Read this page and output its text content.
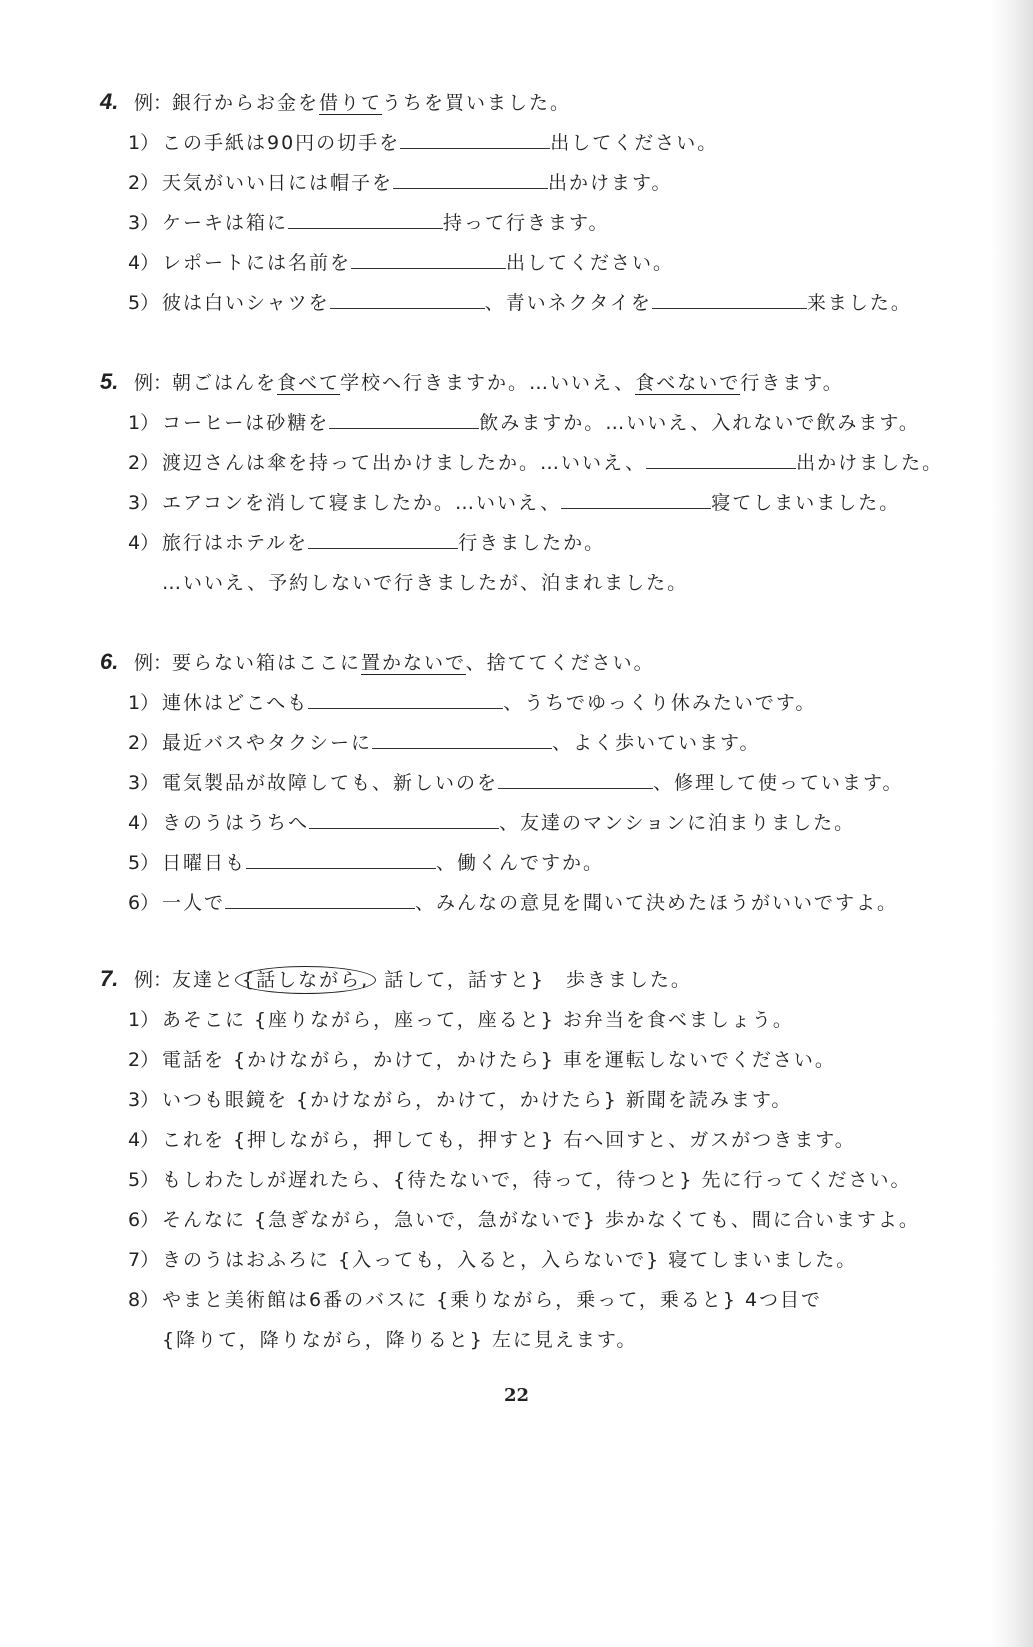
4. 例：銀行からお金を借りてうちを買いました。
1） この手紙は90円の切手を	出してください。
2） 天気がいい日には帽子を	出かけます。
3） ケーキは箱に	持って行きます。
4） レポートには名前を	出してください。
5） 彼は白いシャツを	、青いネクタイを	来ました。
5. 例：朝ごはんを食べて学校へ行きますか。…いいえ、食べないで行きます。
1） コーヒーは砂糖を	飲みますか。…いいえ、入れないで飲みます。
2） 渡辺さんは傘を持って出かけましたか。…いいえ、	出かけました。
3） エアコンを消して寝ましたか。…いいえ、	寝てしまいました。
4） 旅行はホテルを	行きましたか。
…いいえ、予約しないで行きましたが、泊まれました。
6. 例：要らない箱はここに置かないで、捨ててください。
1） 連休はどこへも	、うちでゆっくり休みたいです。
2） 最近バスやタクシーに	、よく歩いています。
3） 電気製品が故障しても、新しいのを	、修理して使っています。
4） きのうはうちへ	、友達のマンションに泊まりました。
5） 日曜日も	、働くんですか。
6） 一人で	、みんなの意見を聞いて決めたほうがいいですよ。
7. 例：友達と {話しながら, 話して，話すと}　歩きました。
1） あそこに {座りながら，座って，座ると} お弁当を食べましょう。
2） 電話を {かけながら，かけて，かけたら} 車を運転しないでください。
3） いつも眼鏡を {かけながら，かけて，かけたら} 新聞を読みます。
4） これを {押しながら，押しても，押すと} 右へ回すと、ガスがつきます。
5） もしわたしが遅れたら、{待たないで，待って，待つと} 先に行ってください。
6） そんなに {急ぎながら，急いで，急がないで} 歩かなくても、間に合いますよ。
7） きのうはおふろに {入っても，入ると，入らないで} 寝てしまいました。
8） やまと美術館は6番のバスに {乗りながら，乗って，乗ると} 4つ目で
{降りて，降りながら，降りると} 左に見えます。
22
